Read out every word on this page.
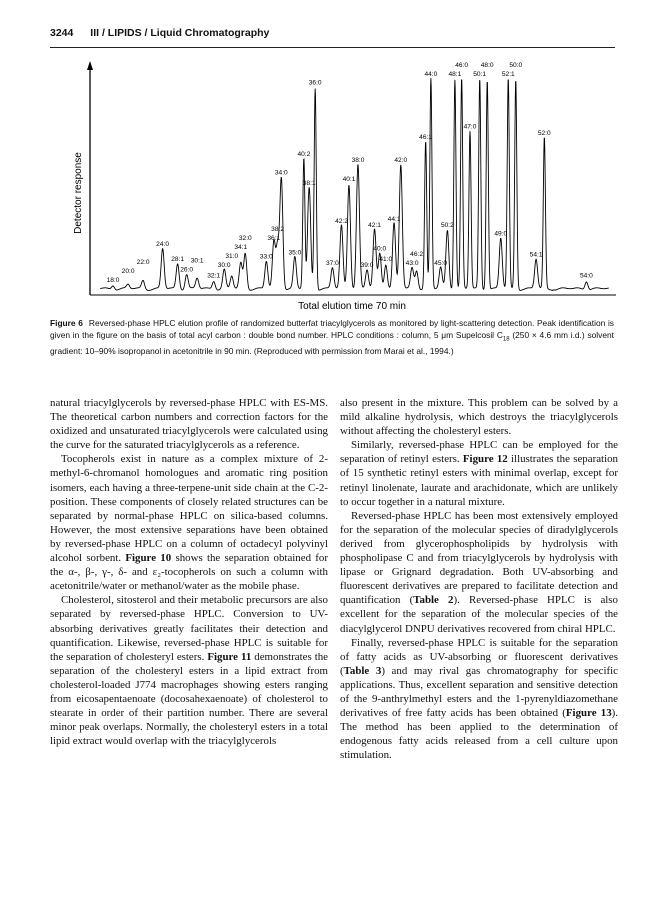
3244 III / LIPIDS / Liquid Chromatography
Detector response
Total elution time 70 min
18:0
20:0
22:0
24:0
28:1
26:0
30:1
32:1
30:0
31:0
34:1
32:0
33:0
36:1
38:2
34:0
35:0
40:2
38:1
36:0
37:0
42:2
40:1
38:0
39:0
42:1
40:0
41:0
44:1
42:0
43:0
46:2
46:1
44:0
45:0
50:2
48:1
46:0
47:0
50:1
48:0
49:0
52:1
50:0
54:1
52:0
54:0
Figure 6 Reversed-phase HPLC elution profile of randomized butterfat triacylglycerols as monitored by light-scattering detection. Peak identification is given in the figure on the basis of total acyl carbon : double bond number. HPLC conditions : column, 5 μm Supelcosil $C_{18}$ (250 × 4.6 mm i.d.) solvent gradient: 10–90% isopropanol in acetonitrile in 90 min. (Reproduced with permission from Marai et al., 1994.)

natural triacylglycerols by reversed-phase HPLC with ES-MS. The theoretical carbon numbers and correction factors for the oxidized and unsaturated triacylglycerols were calculated using the curve for the saturated triacylglycerols as a reference.

Tocopherols exist in nature as a complex mixture of 2-methyl-6-chromanol homologues and aromatic ring position isomers, each having a three-terpene-unit side chain at the C-2-position. These components of closely related structures can be separated by normal-phase HPLC on silica-based columns. However, the most extensive separations have been obtained by reversed-phase HPLC on a column of octadecyl polyvinyl alcohol sorbent. Figure 10 shows the separation obtained for the α-, β-, γ-, δ- and ε₂-tocopherols on such a column with acetonitrile/water or methanol/water as the mobile phase.

Cholesterol, sitosterol and their metabolic precursors are also separated by reversed-phase HPLC. Conversion to UV-absorbing derivatives greatly facilitates their detection and quantification. Likewise, reversed-phase HPLC is suitable for the separation of cholesteryl esters. Figure 11 demonstrates the separation of the cholesteryl esters in a lipid extract from cholesterol-loaded J774 macrophages showing esters ranging from eicosapentaenoate (docosahexaenoate) of cholesterol to stearate in order of their partition number. There are several minor peak overlaps. Normally, the cholesteryl esters in a total lipid extract would overlap with the triacylglycerols

also present in the mixture. This problem can be solved by a mild alkaline hydrolysis, which destroys the triacylglycerols without affecting the cholesteryl esters.

Similarly, reversed-phase HPLC can be employed for the separation of retinyl esters. Figure 12 illustrates the separation of 15 synthetic retinyl esters with minimal overlap, except for retinyl linolenate, laurate and arachidonate, which are unlikely to occur together in a natural mixture.

Reversed-phase HPLC has been most extensively employed for the separation of the molecular species of diradylglycerols derived from glycerophospholipids by hydrolysis with phospholipase C and from triacylglycerols by hydrolysis with lipase or Grignard degradation. Both UV-absorbing and fluorescent derivatives are prepared to facilitate detection and quantification (Table 2). Reversed-phase HPLC is also excellent for the separation of the molecular species of the diacylglycerol DNPU derivatives recovered from chiral HPLC.

Finally, reversed-phase HPLC is suitable for the separation of fatty acids as UV-absorbing or fluorescent derivatives (Table 3) and may rival gas chromatography for specific applications. Thus, excellent separation and sensitive detection of the 9-anthrylmethyl esters and the 1-pyrenyldiazomethane derivatives of free fatty acids has been obtained (Figure 13). The method has been applied to the determination of endogenous fatty acids released from a cell culture upon stimulation.
